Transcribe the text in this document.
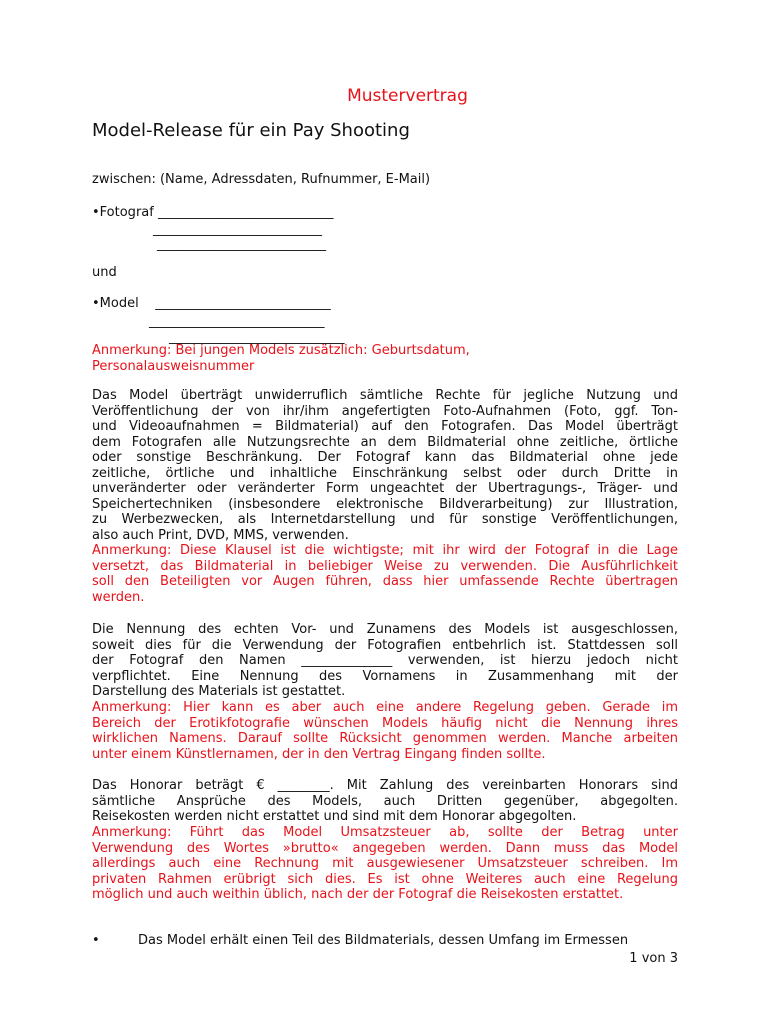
Mustervertrag
Model-Release für ein Pay Shooting
zwischen: (Name, Adressdaten, Rufnummer, E-Mail)
•Fotograf ___________________________
__________________________
__________________________
und
•Model    ___________________________
___________________________
___________________________
Anmerkung: Bei jungen Models zusätzlich: Geburtsdatum,
Personalausweisnummer
Das Model überträgt unwiderruflich sämtliche Rechte für jegliche Nutzung und
Veröffentlichung der von ihr/ihm angefertigten Foto-Aufnahmen (Foto, ggf. Ton-
und Videoaufnahmen = Bildmaterial) auf den Fotografen. Das Model überträgt
dem Fotografen alle Nutzungsrechte an dem Bildmaterial ohne zeitliche, örtliche
oder sonstige Beschränkung. Der Fotograf kann das Bildmaterial ohne jede
zeitliche, örtliche und inhaltliche Einschränkung selbst oder durch Dritte in
unveränderter oder veränderter Form ungeachtet der Übertragungs-, Träger- und
Speichertechniken (insbesondere elektronische Bildverarbeitung) zur Illustration,
zu Werbezwecken, als Internetdarstellung und für sonstige Veröffentlichungen,
also auch Print, DVD, MMS, verwenden.
Anmerkung: Diese Klausel ist die wichtigste; mit ihr wird der Fotograf in die Lage
versetzt, das Bildmaterial in beliebiger Weise zu verwenden. Die Ausführlichkeit
soll den Beteiligten vor Augen führen, dass hier umfassende Rechte übertragen
werden.
Die Nennung des echten Vor- und Zunamens des Models ist ausgeschlossen,
soweit dies für die Verwendung der Fotografien entbehrlich ist. Stattdessen soll
der Fotograf den Namen ______________ verwenden, ist hierzu jedoch nicht
verpflichtet. Eine Nennung des Vornamens in Zusammenhang mit der
Darstellung des Materials ist gestattet.
Anmerkung: Hier kann es aber auch eine andere Regelung geben. Gerade im
Bereich der Erotikfotografie wünschen Models häufig nicht die Nennung ihres
wirklichen Namens. Darauf sollte Rücksicht genommen werden. Manche arbeiten
unter einem Künstlernamen, der in den Vertrag Eingang finden sollte.
Das Honorar beträgt € ________. Mit Zahlung des vereinbarten Honorars sind
sämtliche Ansprüche des Models, auch Dritten gegenüber, abgegolten.
Reisekosten werden nicht erstattet und sind mit dem Honorar abgegolten.
Anmerkung: Führt das Model Umsatzsteuer ab, sollte der Betrag unter
Verwendung des Wortes »brutto« angegeben werden. Dann muss das Model
allerdings auch eine Rechnung mit ausgewiesener Umsatzsteuer schreiben. Im
privaten Rahmen erübrigt sich dies. Es ist ohne Weiteres auch eine Regelung
möglich und auch weithin üblich, nach der der Fotograf die Reisekosten erstattet.
•	Das Model erhält einen Teil des Bildmaterials, dessen Umfang im Ermessen
1 von 3
